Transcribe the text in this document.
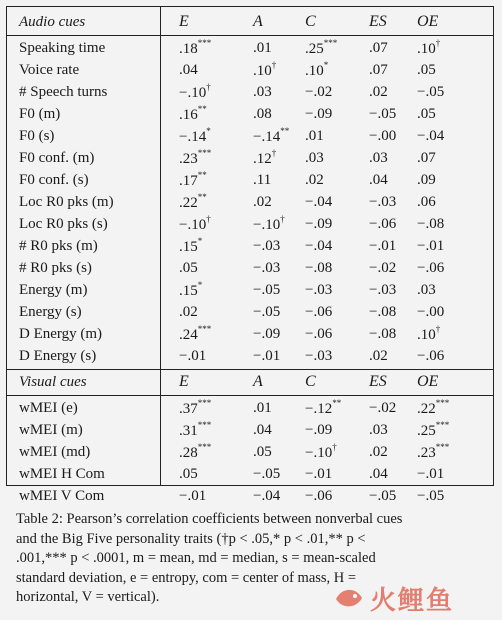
Audio cues	E	A	C	ES OE
Speaking time	.18***	.01 .25*** .07 .10†
Voice rate	.04	.10† .10*	.07 .05
# Speech turns	−.10†	.03 −.02 .02 −.05
F0 (m)	.16**	.08 −.09 −.05 .05
F0 (s)	−.14*	−.14** .01	−.00 −.04
F0 conf. (m)	.23***	.12† .03	.03 .07
F0 conf. (s)	.17**	.11 .02	.04 .09
Loc R0 pks (m)	.22**	.02 −.04 −.03 .06
Loc R0 pks (s)	−.10†	−.10† −.09 −.06 −.08
# R0 pks (m)	.15*	−.03 −.04 −.01 −.01
# R0 pks (s)	.05	−.03 −.08 −.02 −.06
Energy (m)	.15*	−.05 −.03 −.03 .03
Energy (s)	.02	−.05 −.06 −.08 −.00
D Energy (m)	.24***	−.09 −.06 −.08 .10†
D Energy (s)	−.01	−.01 −.03 .02 −.06
Visual cues	E	A	C	ES OE
wMEI (e)	.37***	.01 −.12** −.02 .22***
wMEI (m)	.31***	.04 −.09 .03 .25***
wMEI (md)	.28***	.05 −.10† .02 .23***
wMEI H Com	.05	−.05 −.01 .04 −.01
wMEI V Com	−.01	−.04 −.06 −.05 −.05
Table 2: Pearson’s correlation coefficients between nonverbal cues
and the Big Five personality traits (†p < .05,* p < .01,** p <
.001,*** p < .0001, m = mean, md = median, s = mean-scaled
standard deviation, e = entropy, com = center of mass, H =
horizontal, V = vertical).	火鲤鱼
